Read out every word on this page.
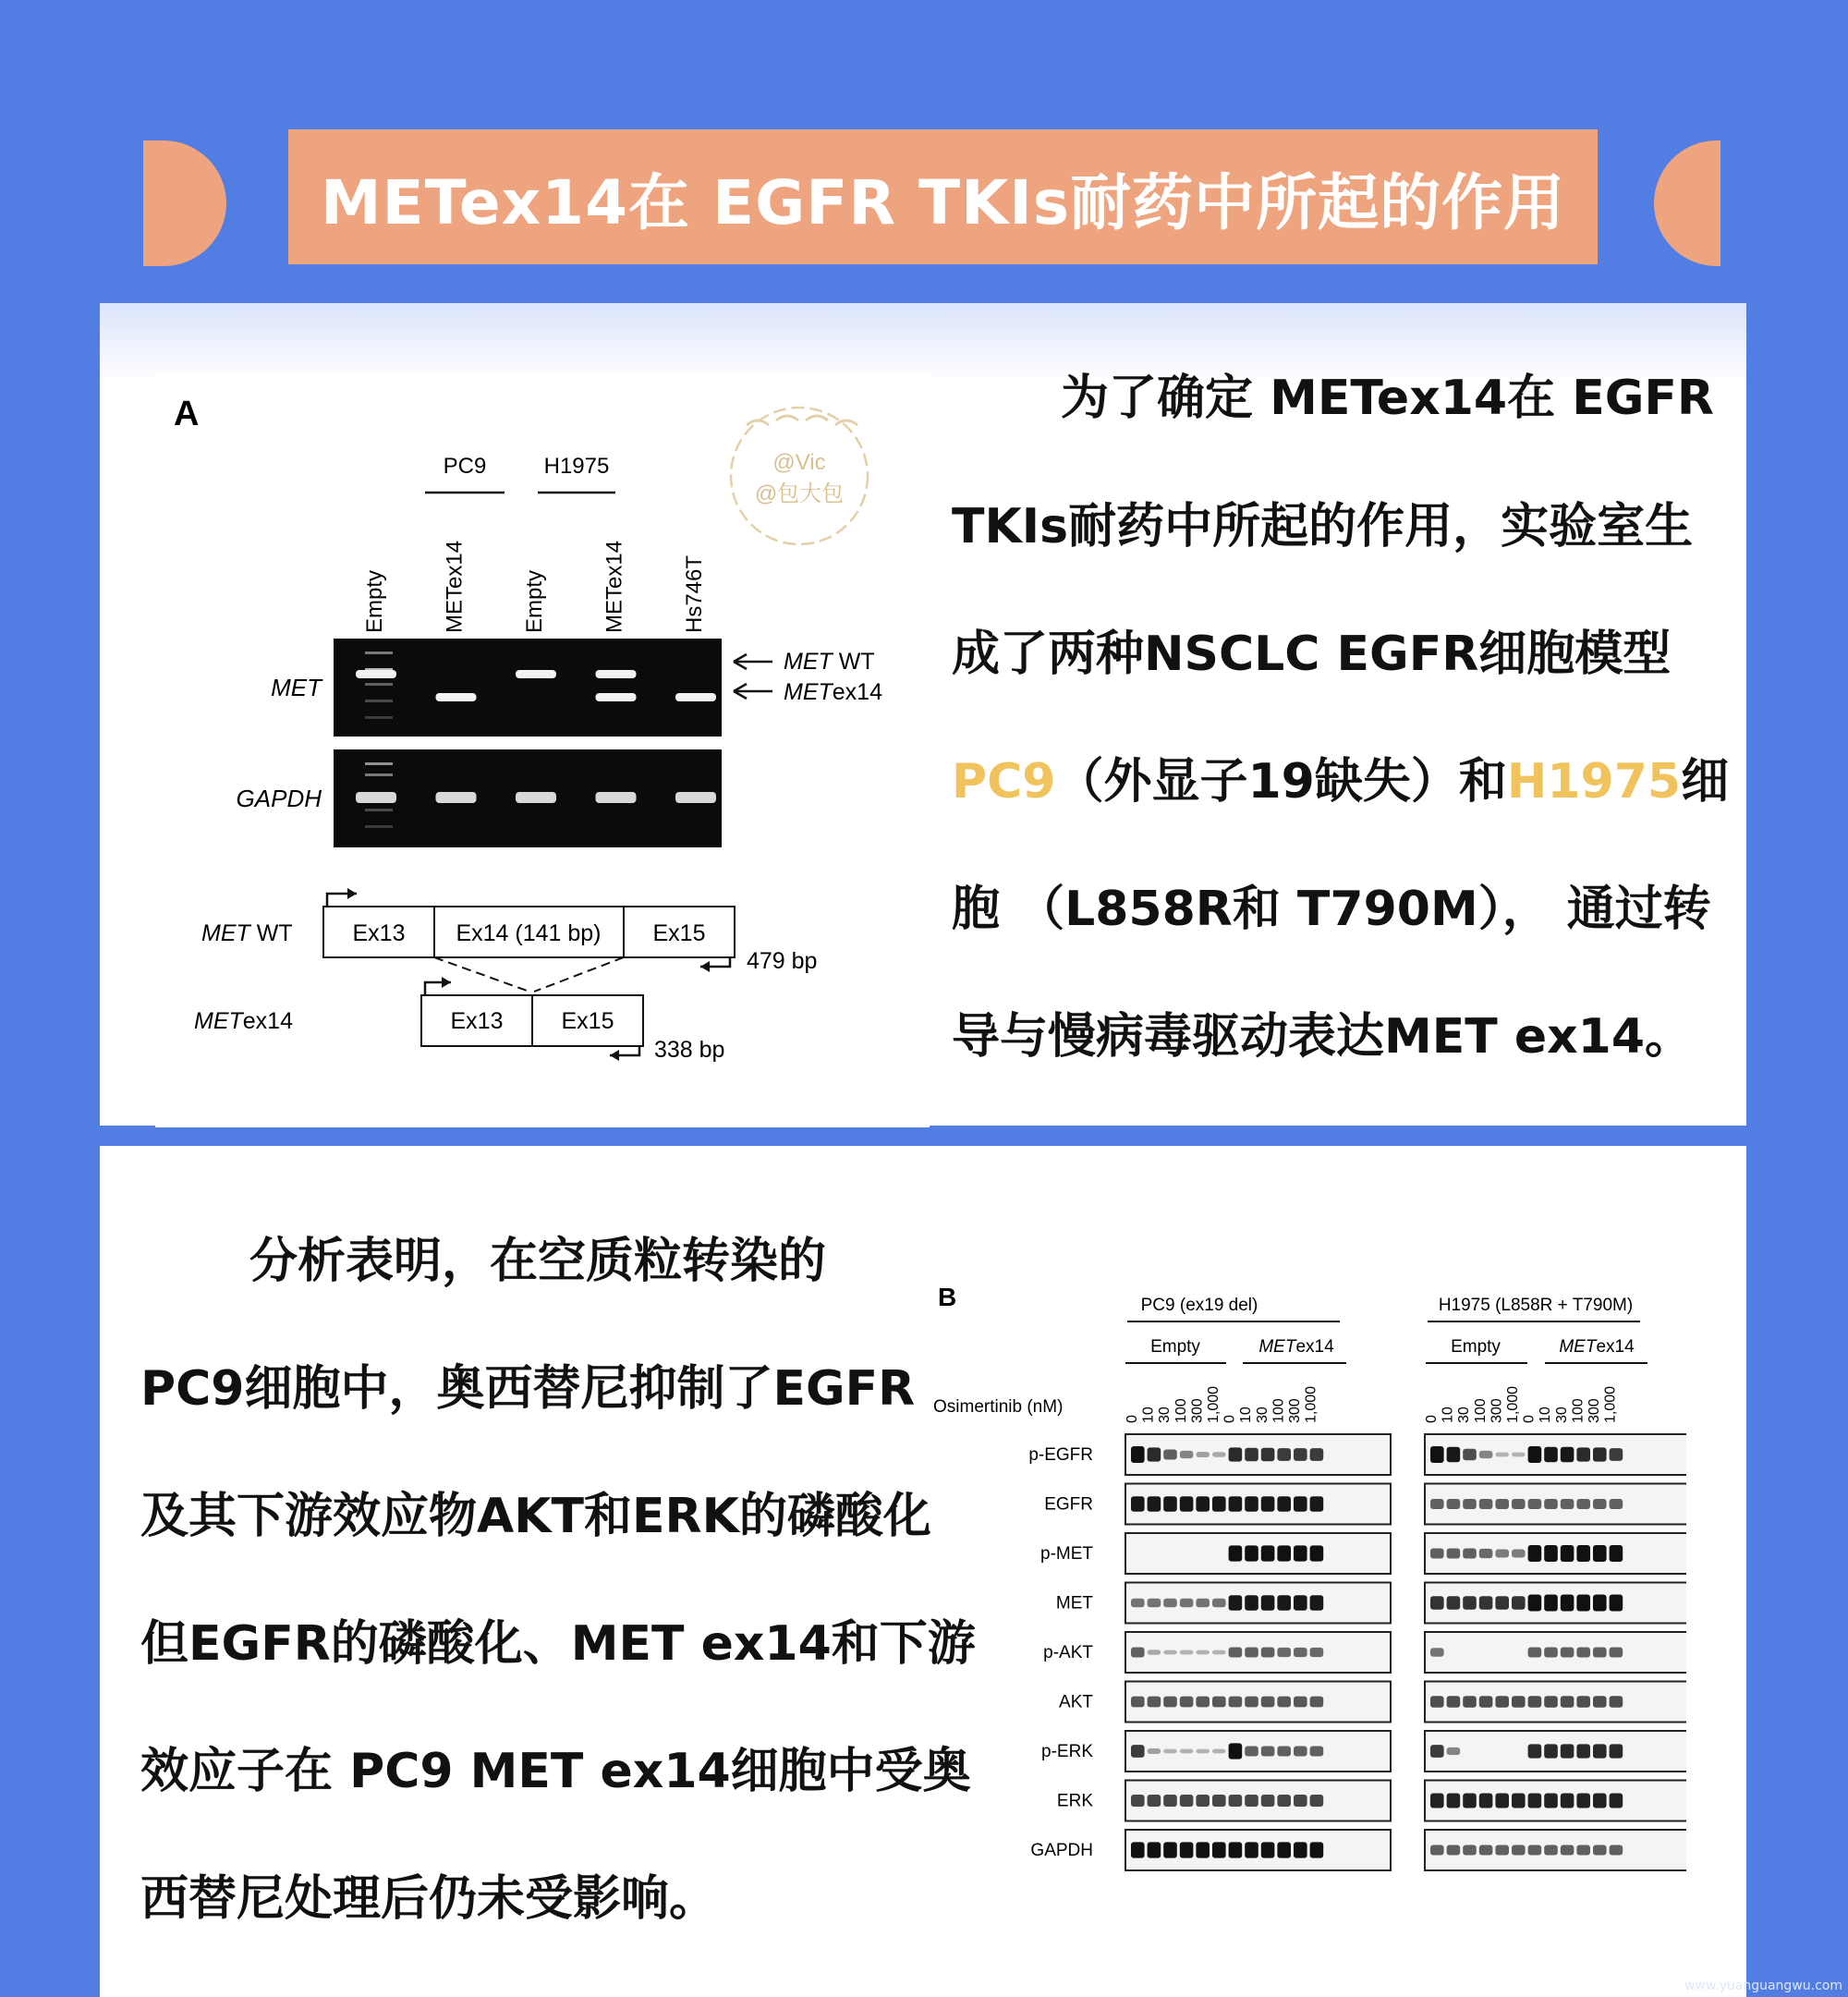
METex14在 EGFR TKIs耐药中所起的作用
A
@Vic
@包大包
PC9	H1975
Empty METex14 Empty METex14 Hs746T
MET
GAPDH
MET WT
METex14
MET WT	Ex13 Ex14 (141 bp) Ex15
479 bp
METex14	Ex13	Ex15
338 bp
为了确定 METex14在 EGFR
TKIs耐药中所起的作用，实验室生
成了两种NSCLC EGFR细胞模型
PC9（外显子19缺失）和H1975细
胞 （L858R和 T790M）， 通过转
导与慢病毒驱动表达MET ex14。
分析表明，在空质粒转染的
PC9细胞中，奥西替尼抑制了EGFR
及其下游效应物AKT和ERK的磷酸化
但EGFR的磷酸化、MET ex14和下游
效应子在 PC9 MET ex14细胞中受奥
西替尼处理后仍未受影响。
B	PC9 (ex19 del)	H1975 (L858R + T790M)
Empty	METex14	Empty	METex14
Osimertinib (nM)
0 10 30 100 300 1,000 0 10 30 100 300 1,000	0 10 30 100 300 1,000 0 10 30 100 300 1,000
p-EGFR
EGFR
p-MET
MET
p-AKT
AKT
p-ERK
ERK
GAPDH
www.yuanguangwu.com
